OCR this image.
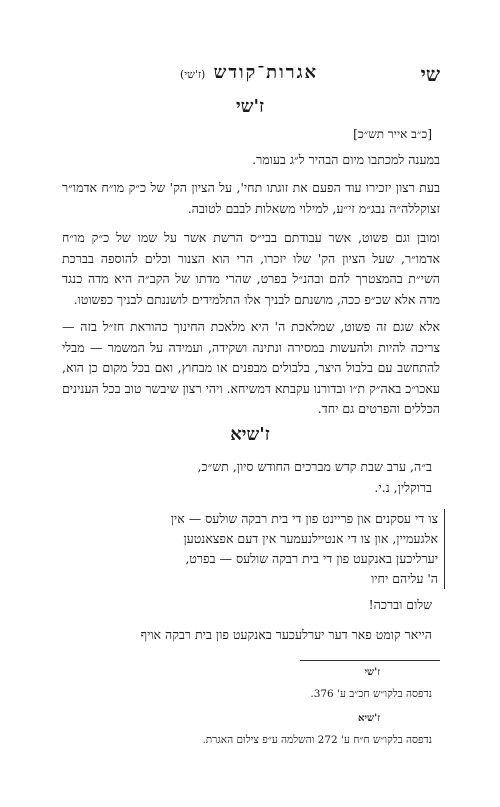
שי
אגרות־קודש (ז'שי)
ז'שי
[כ״ב אייר תש״כ]

במענה למכתבו מיום הבהיר ל״ג בעומר.

בעת רצון יזכירו עוד הפעם את זוגתו תחי', על הציון הק' של כ״ק מו״ח אדמו״ר זצוקללה״ה נבג״מ זי״ע, למילוי משאלות לבבם לטובה.

ומובן וגם פשוט, אשר עבודתם בבי״ס הרשת אשר על שמו של כ״ק מו״ח אדמו״ר, שעל הציון הק' שלו יזכרו, הרי הוא הצנור וכלים להוספה בברכת השי״ת בהמצטרך להם ובהנ״ל בפרט, שהרי מדתו של הקב״ה היא מדה כנגד מדה אלא שכ״פ ככה, מושנתם לבניך אלו התלמידים לושננתם לבניך כפשוטו.

אלא שגם זה פשוט, שמלאכת ה' היא מלאכת החינוך כהוראת חז״ל בזה — צריכה להיות ולהעשות במסירה ונתינה ושקידה, ועמידה על המשמר — מבלי להתחשב עם בלבול היצר, בלבולים מבפנים או מבחוץ, ואם בכל מקום כן הוא, עאכו״כ באה״ק ת״ו ובדורנו עקבתא דמשיחא. ויהי רצון שיבשר טוב בכל הענינים הכללים והפרטים גם יחד.

ז'שיא
ב״ה, ערב שבת קדש מברכים החודש סיון, תש״כ,
ברוקלין, נ.י.
צו די עסקנים און פריינט פון די בית רבקה שולעס — אין
אלגעמיין, און צו די אנטיילנעמער אין דעם אפצאנטען
יערליכען באנקעט פון די בית רבקה שולעס — בפרט,
ה' עליהם יחיו
שלום וברכה!
הייאר קומט פאר דער יערלעכער באנקעט פון בית רבקה אויף
ז'שי
נדפסה בלקו״ש חכ״ב ע' 376.
ז'שיא
נדפסה בלקו״ש ח״ח ע' 272 והשלמה ע״פ צילום האגרת.
